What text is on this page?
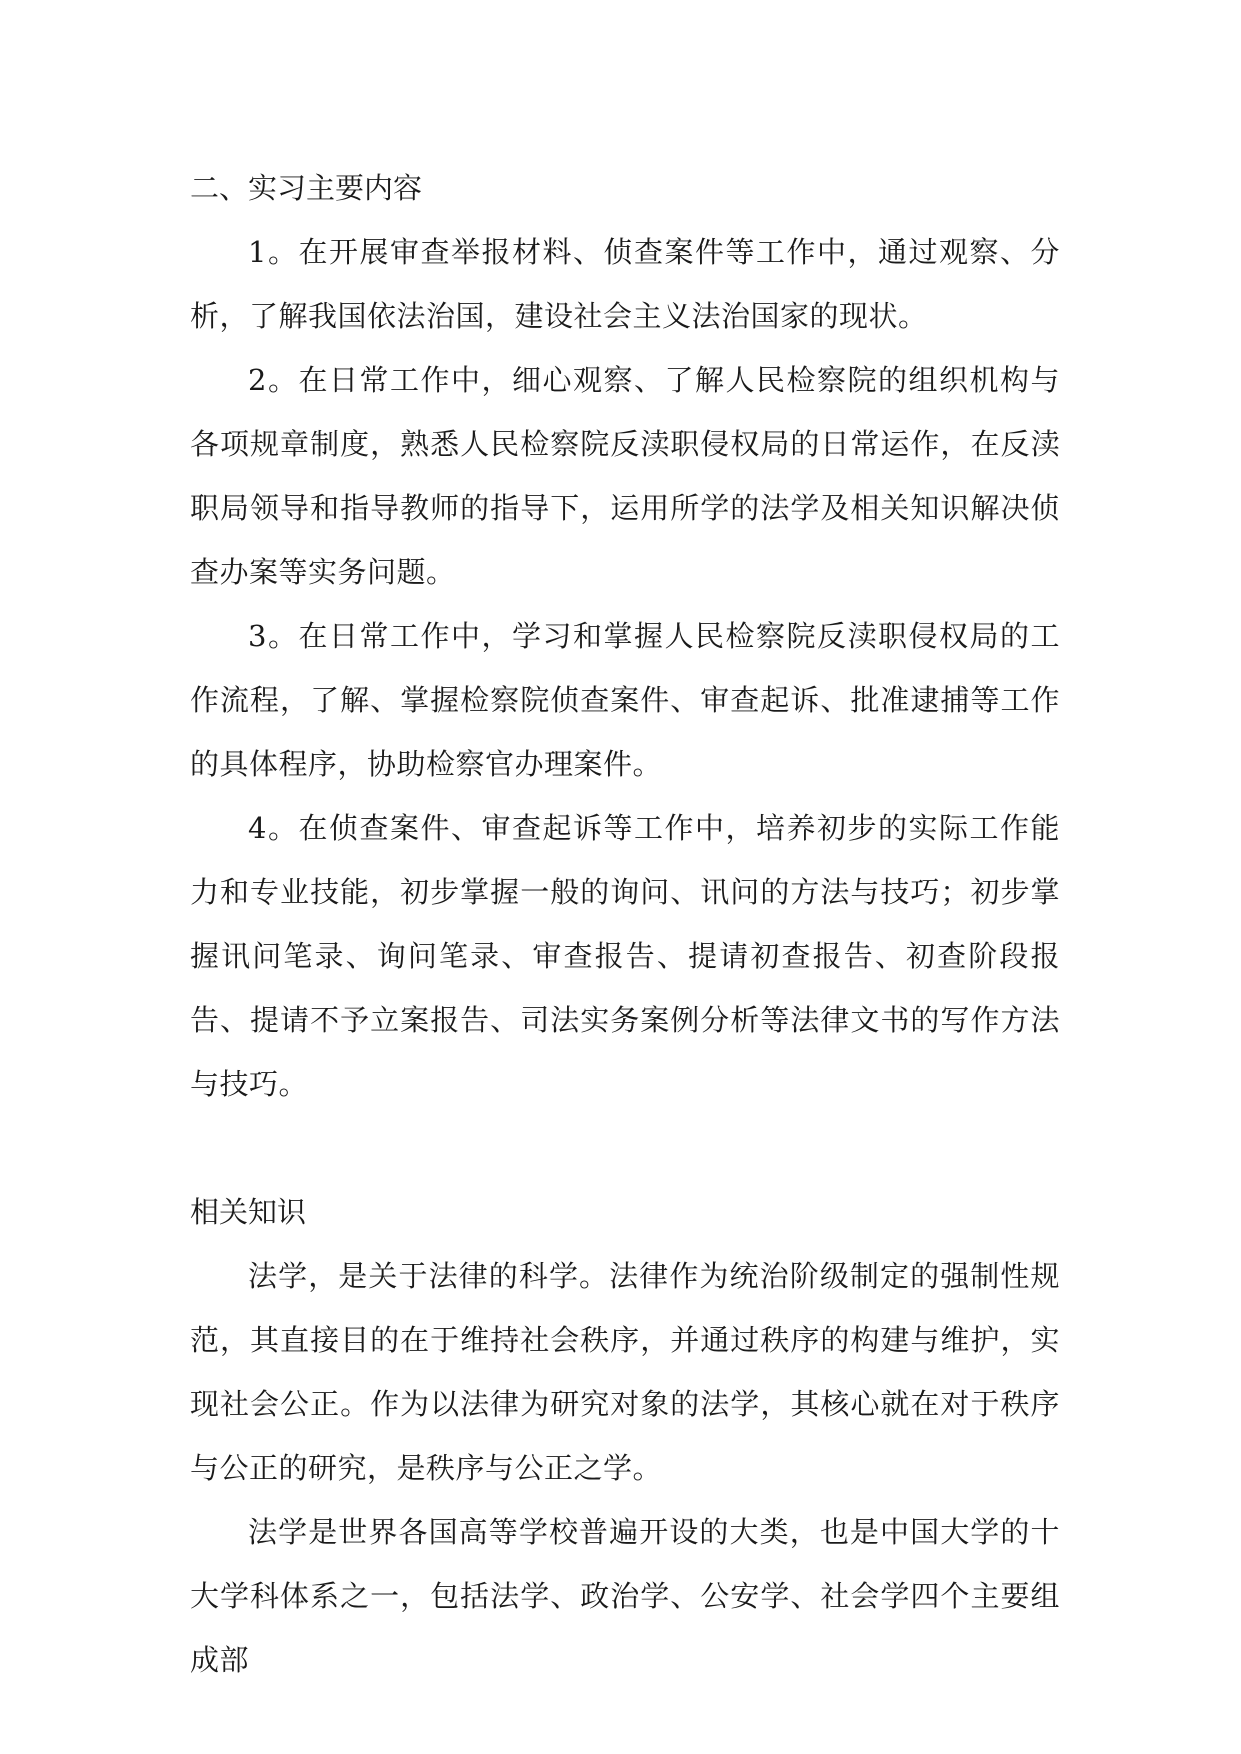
二、实习主要内容

1。在开展审查举报材料、侦查案件等工作中，通过观察、分析，了解我国依法治国，建设社会主义法治国家的现状。

2。在日常工作中，细心观察、了解人民检察院的组织机构与各项规章制度，熟悉人民检察院反渎职侵权局的日常运作，在反渎职局领导和指导教师的指导下，运用所学的法学及相关知识解决侦查办案等实务问题。

3。在日常工作中，学习和掌握人民检察院反渎职侵权局的工作流程，了解、掌握检察院侦查案件、审查起诉、批准逮捕等工作的具体程序，协助检察官办理案件。

4。在侦查案件、审查起诉等工作中，培养初步的实际工作能力和专业技能，初步掌握一般的询问、讯问的方法与技巧；初步掌握讯问笔录、询问笔录、审查报告、提请初查报告、初查阶段报告、提请不予立案报告、司法实务案例分析等法律文书的写作方法与技巧。

相关知识

法学，是关于法律的科学。法律作为统治阶级制定的强制性规范，其直接目的在于维持社会秩序，并通过秩序的构建与维护，实现社会公正。作为以法律为研究对象的法学，其核心就在对于秩序与公正的研究，是秩序与公正之学。

法学是世界各国高等学校普遍开设的大类，也是中国大学的十大学科体系之一，包括法学、政治学、公安学、社会学四个主要组成部
